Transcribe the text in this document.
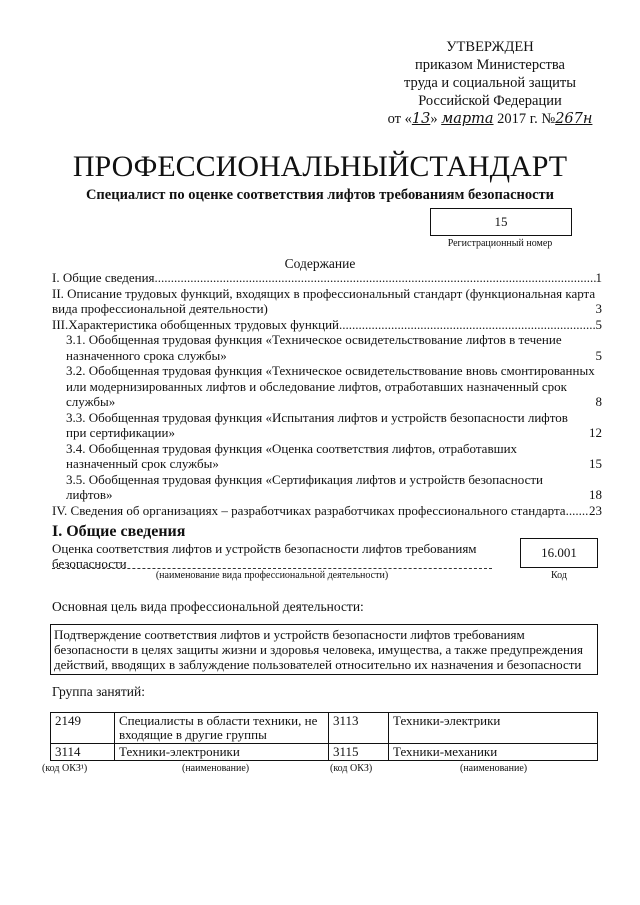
УТВЕРЖДЕН
приказом Министерства
труда и социальной защиты
Российской Федерации
от «13» марта 2017 г. №267н
ПРОФЕССИОНАЛЬНЫЙСТАНДАРТ
Специалист по оценке соответствия лифтов требованиям безопасности
15
Регистрационный номер
Содержание
I. Общие сведения .....	1
II. Описание трудовых функций, входящих в профессиональный стандарт (функциональная карта вида профессиональной деятельности)	3
III.Характеристика обобщенных трудовых функций .....	5
3.1. Обобщенная трудовая функция «Техническое освидетельствование лифтов в течение назначенного срока службы»	5
3.2. Обобщенная трудовая функция «Техническое освидетельствование вновь смонтированных или модернизированных лифтов и обследование лифтов, отработавших назначенный срок службы»	8
3.3. Обобщенная трудовая функция «Испытания лифтов и устройств безопасности лифтов при сертификации»	12
3.4. Обобщенная трудовая функция «Оценка соответствия лифтов, отработавших назначенный срок службы»	15
3.5. Обобщенная трудовая функция «Сертификация лифтов и устройств безопасности лифтов»	18
IV. Сведения об организациях – разработчиках разработчиках профессионального стандарта ..... 23
I. Общие сведения
Оценка соответствия лифтов и устройств безопасности лифтов требованиям безопасности
(наименование вида профессиональной деятельности)
16.001
Код
Основная цель вида профессиональной деятельности:
Подтверждение соответствия лифтов и устройств безопасности лифтов требованиям безопасности в целях защиты жизни и здоровья человека, имущества, а также предупреждения действий, вводящих в заблуждение пользователей относительно их назначения и безопасности
Группа занятий:
2149	Специалисты в области техники, не входящие в другие группы	3113	Техники-электрики
3114	Техники-электроники	3115	Техники-механики
(код ОКЗ¹)	(наименование)	(код ОКЗ)	(наименование)
